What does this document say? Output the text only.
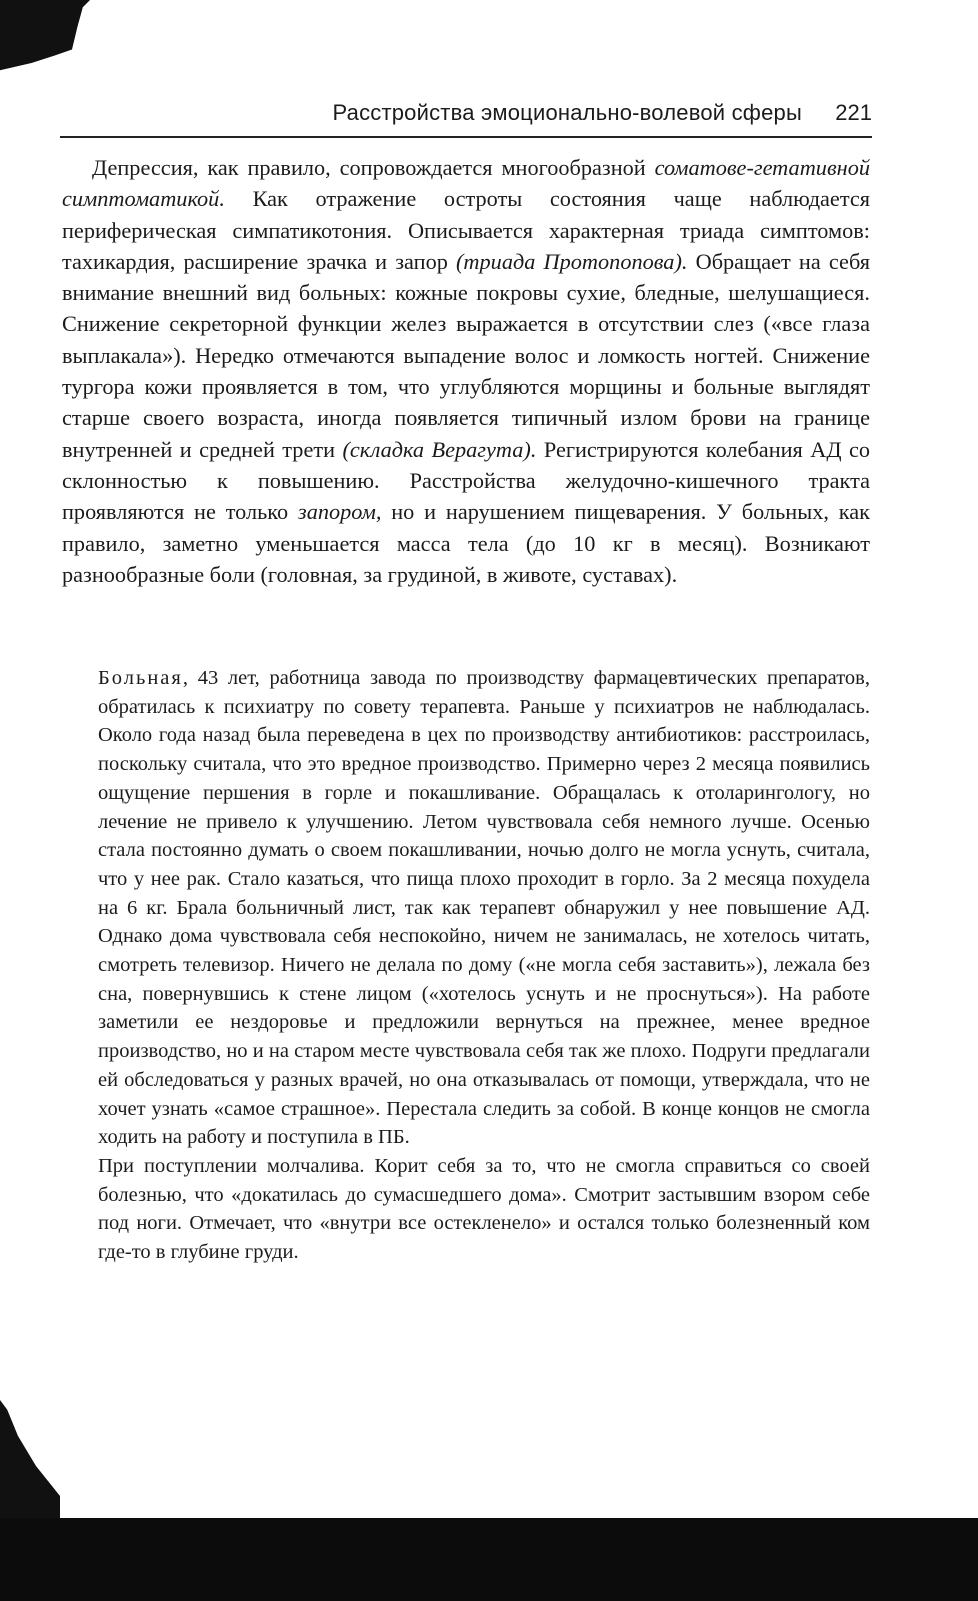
Расстройства эмоционально-волевой сферы 221
Депрессия, как правило, сопровождается многообразной соматове-гетативной симптоматикой. Как отражение остроты состояния чаще наблюдается периферическая симпатикотония. Описывается характерная триада симптомов: тахикардия, расширение зрачка и запор (триада Протопопова). Обращает на себя внимание внешний вид больных: кожные покровы сухие, бледные, шелушащиеся. Снижение секреторной функции желез выражается в отсутствии слез («все глаза выплакала»). Нередко отмечаются выпадение волос и ломкость ногтей. Снижение тургора кожи проявляется в том, что углубляются морщины и больные выглядят старше своего возраста, иногда появляется типичный излом брови на границе внутренней и средней трети (складка Верагута). Регистрируются колебания АД со склонностью к повышению. Расстройства желудочно-кишечного тракта проявляются не только запором, но и нарушением пищеварения. У больных, как правило, заметно уменьшается масса тела (до 10 кг в месяц). Возникают разнообразные боли (головная, за грудиной, в животе, суставах).

Больная, 43 лет, работница завода по производству фармацевтических препаратов, обратилась к психиатру по совету терапевта. Раньше у психиатров не наблюдалась. Около года назад была переведена в цех по производству антибиотиков: расстроилась, поскольку считала, что это вредное производство. Примерно через 2 месяца появились ощущение першения в горле и покашливание. Обращалась к отоларингологу, но лечение не привело к улучшению. Летом чувствовала себя немного лучше. Осенью стала постоянно думать о своем покашливании, ночью долго не могла уснуть, считала, что у нее рак. Стало казаться, что пища плохо проходит в горло. За 2 месяца похудела на 6 кг. Брала больничный лист, так как терапевт обнаружил у нее повышение АД. Однако дома чувствовала себя неспокойно, ничем не занималась, не хотелось читать, смотреть телевизор. Ничего не делала по дому («не могла себя заставить»), лежала без сна, повернувшись к стене лицом («хотелось уснуть и не проснуться»). На работе заметили ее нездоровье и предложили вернуться на прежнее, менее вредное производство, но и на старом месте чувствовала себя так же плохо. Подруги предлагали ей обследоваться у разных врачей, но она отказывалась от помощи, утверждала, что не хочет узнать «самое страшное». Перестала следить за собой. В конце концов не смогла ходить на работу и поступила в ПБ.

При поступлении молчалива. Корит себя за то, что не смогла справиться со своей болезнью, что «докатилась до сумасшедшего дома». Смотрит застывшим взором себе под ноги. Отмечает, что «внутри все остекленело» и остался только болезненный ком где-то в глубине груди.
